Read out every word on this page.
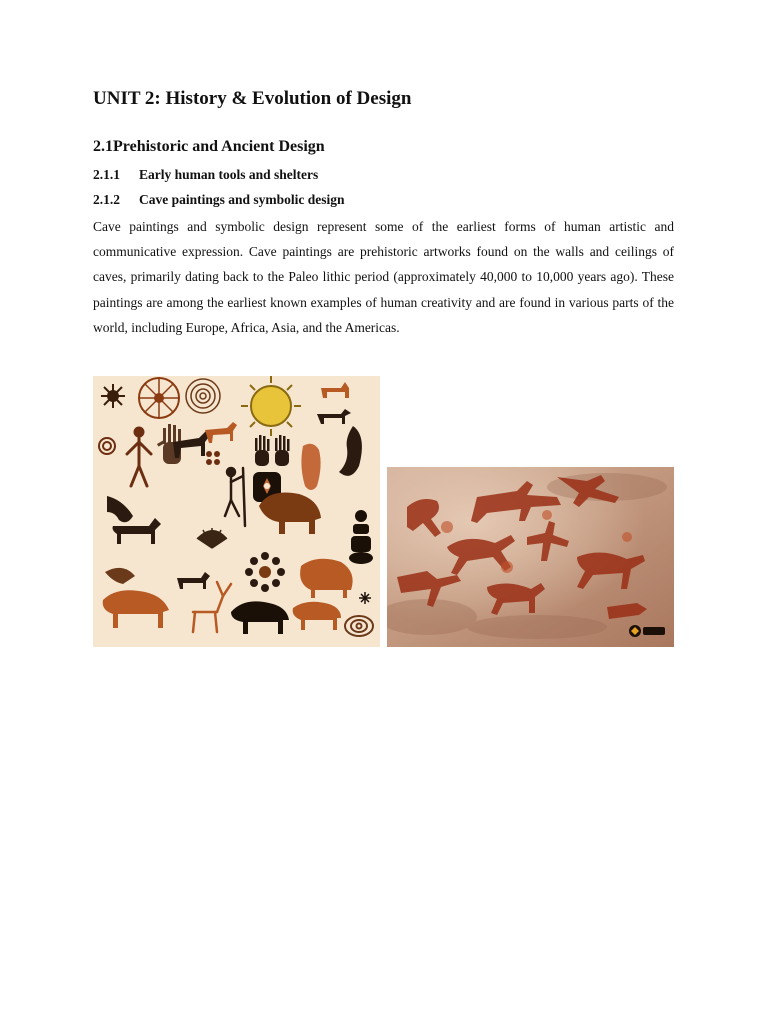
UNIT 2: History & Evolution of Design
2.1Prehistoric and Ancient Design

2.1.1 Early human tools and shelters

2.1.2 Cave paintings and symbolic design

Cave paintings and symbolic design represent some of the earliest forms of human artistic and communicative expression. Cave paintings are prehistoric artworks found on the walls and ceilings of caves, primarily dating back to the Paleo lithic period (approximately 40,000 to 10,000 years ago). These paintings are among the earliest known examples of human creativity and are found in various parts of the world, including Europe, Africa, Asia, and the Americas.
